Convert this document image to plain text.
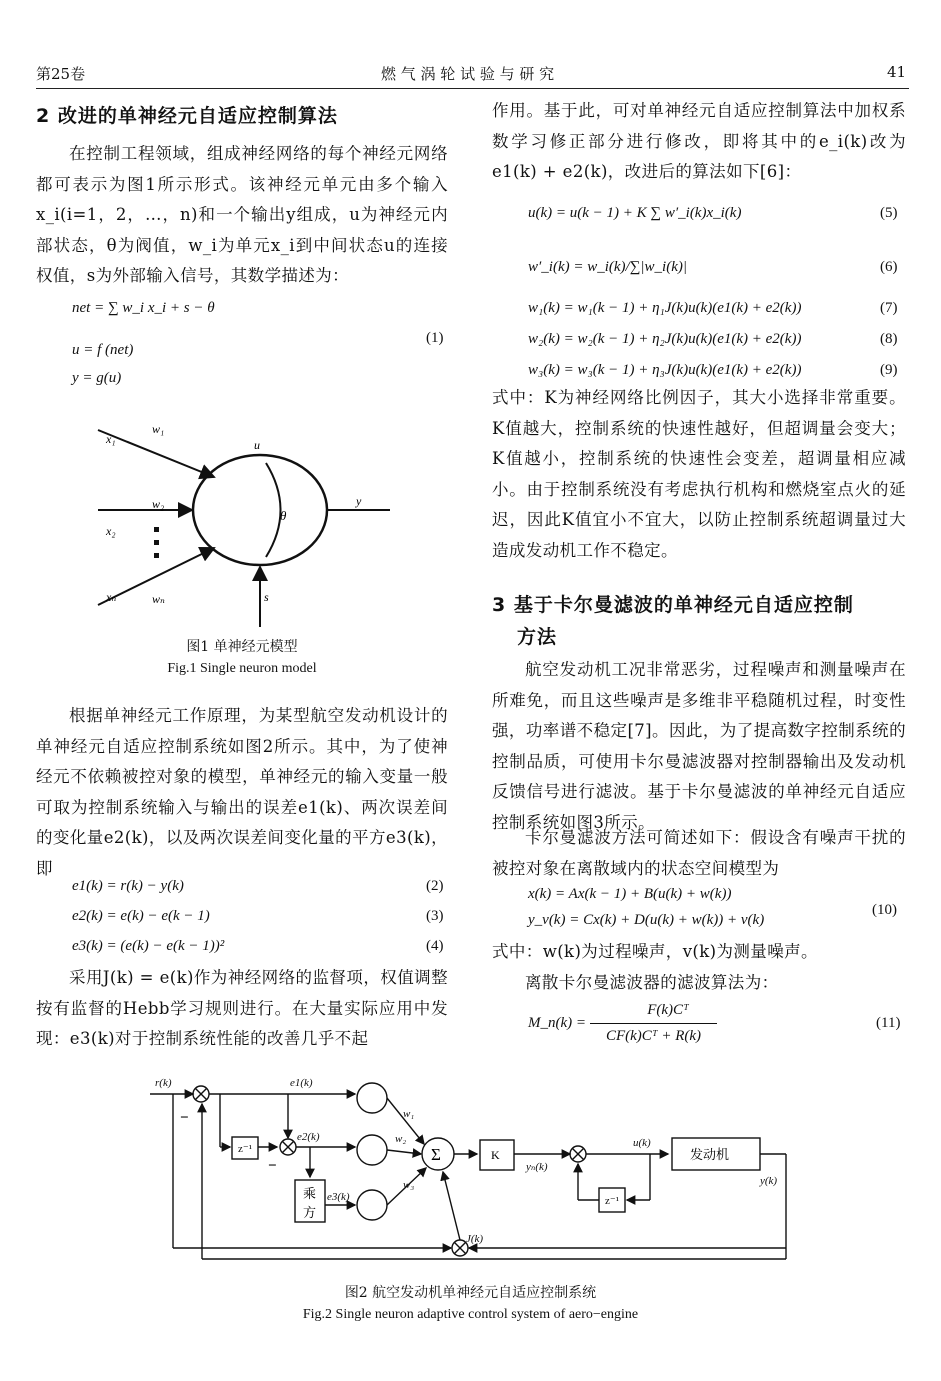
第25卷	燃 气 涡 轮 试 验 与 研 究	41
2 改进的单神经元自适应控制算法
在控制工程领域，组成神经网络的每个神经元网络都可表示为图1所示形式。该神经元单元由多个输入x_i(i=1，2，…，n)和一个输出y组成，u为神经元内部状态，θ为阀值，w_i为单元x_i到中间状态u的连接权值，s为外部输入信号，其数学描述为：
net = ∑ w_i x_i + s − θ
u = f (net)
y = g(u)
(1)
x₁
w₁
u
w₂
x₂
θ
y
xₙ	wₙ	s
图1 单神经元模型
Fig.1 Single neuron model
根据单神经元工作原理，为某型航空发动机设计的单神经元自适应控制系统如图2所示。其中，为了使神经元不依赖被控对象的模型，单神经元的输入变量一般可取为控制系统输入与输出的误差e1(k)、两次误差间的变化量e2(k)，以及两次误差间变化量的平方e3(k)，即
e1(k) = r(k) − y(k)	(2)
e2(k) = e(k) − e(k − 1)	(3)
e3(k) = (e(k) − e(k − 1))²	(4)
采用J(k) = e(k)作为神经网络的监督项，权值调整按有监督的Hebb学习规则进行。在大量实际应用中发现：e3(k)对于控制系统性能的改善几乎不起
作用。基于此，可对单神经元自适应控制算法中加权系数学习修正部分进行修改，即将其中的e_i(k)改为e1(k) + e2(k)，改进后的算法如下[6]：
u(k) = u(k − 1) + K ∑ w′_i(k)x_i(k)	(5)
w′_i(k) = w_i(k)/∑|w_i(k)|	(6)
w₁(k) = w₁(k − 1) + η₁J(k)u(k)(e1(k) + e2(k))	(7)
w₂(k) = w₂(k − 1) + η₂J(k)u(k)(e1(k) + e2(k))	(8)
w₃(k) = w₃(k − 1) + η₃J(k)u(k)(e1(k) + e2(k))	(9)
式中：K为神经网络比例因子，其大小选择非常重要。K值越大，控制系统的快速性越好，但超调量会变大；K值越小，控制系统的快速性会变差，超调量相应减小。由于控制系统没有考虑执行机构和燃烧室点火的延迟，因此K值宜小不宜大，以防止控制系统超调量过大造成发动机工作不稳定。
3 基于卡尔曼滤波的单神经元自适应控制
方法
航空发动机工况非常恶劣，过程噪声和测量噪声在所难免，而且这些噪声是多维非平稳随机过程，时变性强，功率谱不稳定[7]。因此，为了提高数字控制系统的控制品质，可使用卡尔曼滤波器对控制器输出及发动机反馈信号进行滤波。基于卡尔曼滤波的单神经元自适应控制系统如图3所示。
卡尔曼滤波方法可简述如下：假设含有噪声干扰的被控对象在离散域内的状态空间模型为
x(k) = Ax(k − 1) + B(u(k) + w(k))
y_v(k) = Cx(k) + D(u(k) + w(k)) + v(k)
(10)
式中：w(k)为过程噪声，v(k)为测量噪声。
离散卡尔曼滤波器的滤波算法为：
M_n(k) =
F(k)Cᵀ
CF(k)Cᵀ + R(k)
(11)
r(k)	e1(k)
e2(k)
e3(k)
w₁
w₂
w₃
yₙ(k)
u(k)
y(k)
J(k)
z⁻¹
z⁻¹
Σ	K	发动机
乘
方
−
−
图2 航空发动机单神经元自适应控制系统
Fig.2 Single neuron adaptive control system of aero−engine
